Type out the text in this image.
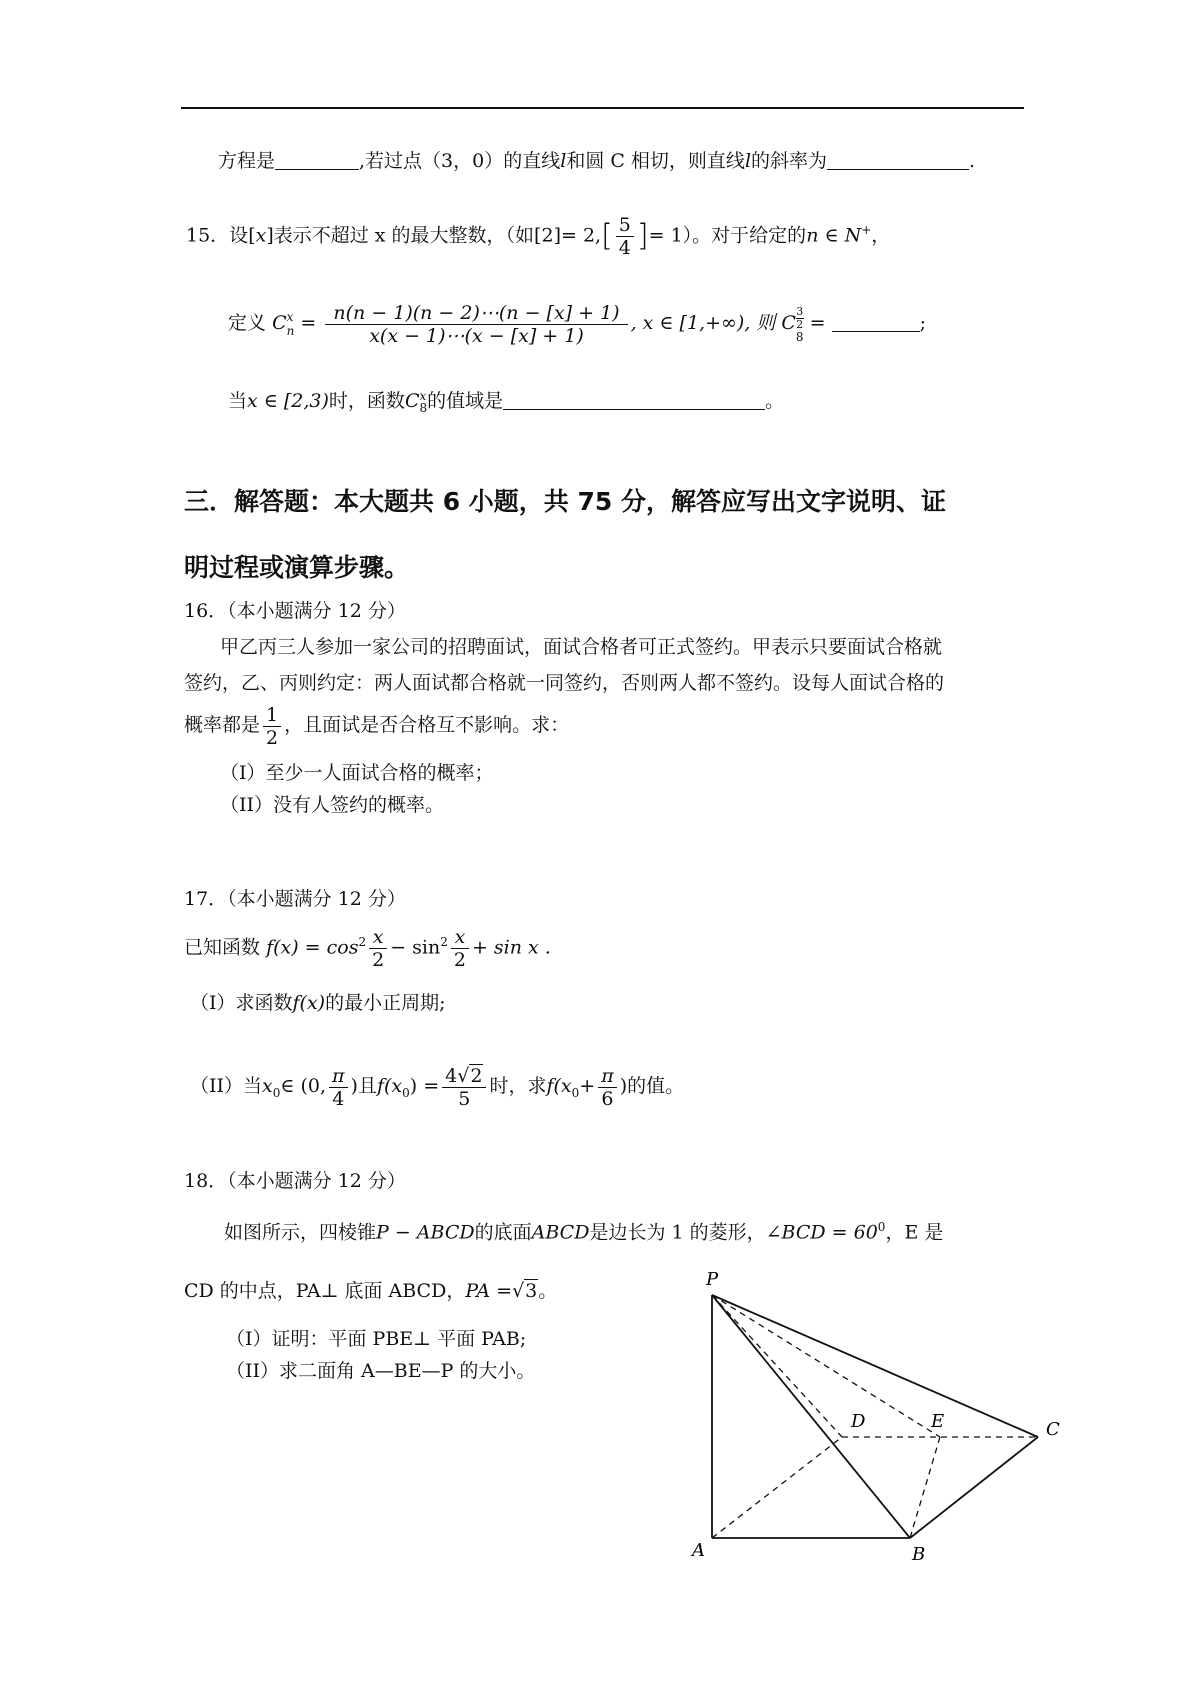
方程是	,若过点（3，0）的直线l和圆 C 相切，则直线l的斜率为	.
15．设[x]表示不超过 x 的最大整数，（如$[2]= 2,[ \frac{5}{4}$ ]= 1）。对于给定的n ∈ N+，
定义 C x
$n = \frac{n(n - 1)(n - 2)\cdots(n - [x] + 1)}{x(x - 1)\cdots(x - [x] + 1)}$ , x ∈ [1,+∞), 则 C
3
2
8
=	;
当x ∈ [2,3)时，函数C x
8 的值域是	。
三．解答题：本大题共 6 小题，共 75 分，解答应写出文字说明、证
明过程或演算步骤。
16．（本小题满分 12 分）
甲乙丙三人参加一家公司的招聘面试，面试合格者可正式签约。甲表示只要面试合格就
签约，乙、丙则约定：两人面试都合格就一同签约，否则两人都不签约。设每人面试合格的
概率都是 $\frac{1}{2}$ ，且面试是否合格互不影响。求：
（I）至少一人面试合格的概率；
（II）没有人签约的概率。
17．（本小题满分 12 分）
已知函数 $f(x) = \cos^2 \frac{x}{2} - \sin^2 \frac{x}{2} + \sin x$ .
（I）求函数f(x)的最小正周期;
（II）当$x_0\in$ (0, $\frac{\pi}{4}$ )且$f(x_0) = \frac{4√2}{5}$ 时，求$f(x_0+ \frac{\pi}{6}$ )的值。
18．（本小题满分 12 分）
如图所示，四棱锥P − ABCD的底面ABCD是边长为 1 的菱形，∠BCD = $60^0$，E 是
CD 的中点，PA⊥ 底面 ABCD，PA =√3。
（I）证明：平面 PBE⊥ 平面 PAB;
（II）求二面角 A—BE—P 的大小。
P
A	B
C
D	E
